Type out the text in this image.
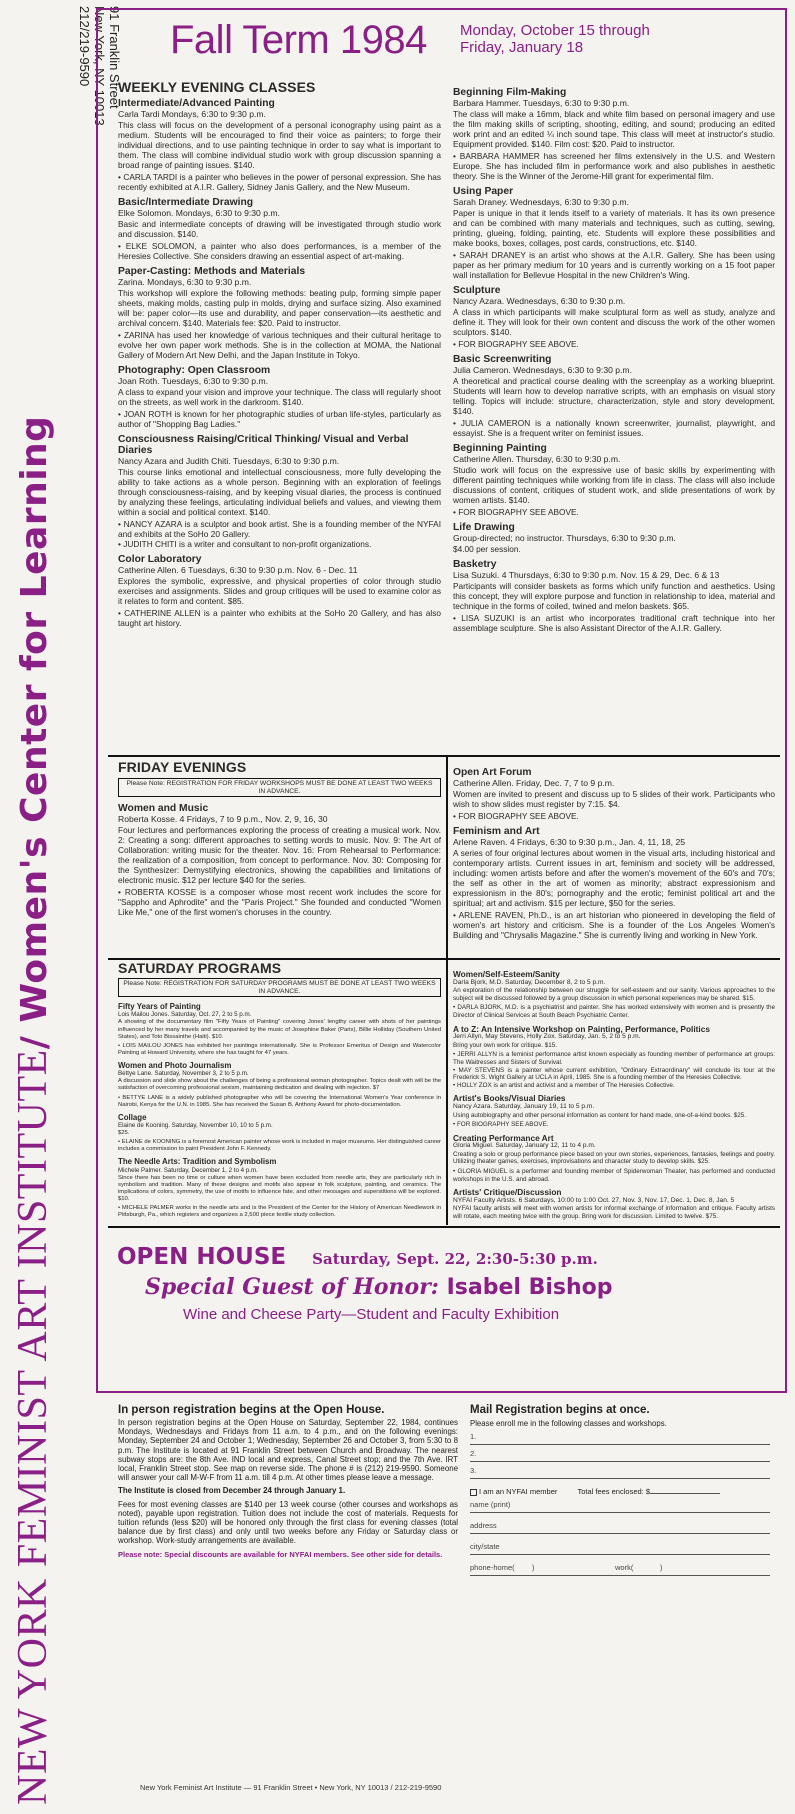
91 Franklin Street
New York, NY 10013
212/219-9590
NEW YORK FEMINIST ART INSTITUTE/ Women's Center for Learning
Fall Term 1984 Monday, October 15 through Friday, January 18
WEEKLY EVENING CLASSES
Intermediate/Advanced Painting
Carla Tardi Mondays, 6:30 to 9:30 p.m.
This class will focus on the development of a personal iconography using paint as a medium. Students will be encouraged to find their voice as painters; to forge their individual directions, and to use painting technique in order to say what is important to them. The class will combine individual studio work with group discussion spanning a broad range of painting issues. $140.
• CARLA TARDI is a painter who believes in the power of personal expression. She has recently exhibited at A.I.R. Gallery, Sidney Janis Gallery, and the New Museum.
Basic/Intermediate Drawing
Elke Solomon. Mondays, 6:30 to 9:30 p.m.
Basic and intermediate concepts of drawing will be investigated through studio work and discussion. $140.
• ELKE SOLOMON, a painter who also does performances, is a member of the Heresies Collective. She considers drawing an essential aspect of art-making.
Paper-Casting: Methods and Materials
Zarina. Mondays, 6:30 to 9:30 p.m.
This workshop will explore the following methods: beating pulp, forming simple paper sheets, making molds, casting pulp in molds, drying and surface sizing. Also examined will be: paper color—its use and durability, and paper conservation—its aesthetic and archival concern. $140. Materials fee: $20. Paid to instructor.
• ZARINA has used her knowledge of various techniques and their cultural heritage to evolve her own paper work methods. She is in the collection at MOMA, the National Gallery of Modern Art New Delhi, and the Japan Institute in Tokyo.
Photography: Open Classroom
Joan Roth. Tuesdays, 6:30 to 9:30 p.m.
A class to expand your vision and improve your technique. The class will regularly shoot on the streets, as well work in the darkroom. $140.
• JOAN ROTH is known for her photographic studies of urban life-styles, particularly as author of "Shopping Bag Ladies."
Consciousness Raising/Critical Thinking/ Visual and Verbal Diaries
Nancy Azara and Judith Chiti. Tuesdays, 6:30 to 9:30 p.m.
This course links emotional and intellectual consciousness, more fully developing the ability to take actions as a whole person. Beginning with an exploration of feelings through consciousness-raising, and by keeping visual diaries, the process is continued by analyzing these feelings, articulating individual beliefs and values, and viewing them within a social and political context. $140.
• NANCY AZARA is a sculptor and book artist. She is a founding member of the NYFAI and exhibits at the SoHo 20 Gallery.
• JUDITH CHITI is a writer and consultant to non-profit organizations.
Color Laboratory
Catherine Allen. 6 Tuesdays, 6:30 to 9:30 p.m. Nov. 6 - Dec. 11
Explores the symbolic, expressive, and physical properties of color through studio exercises and assignments. Slides and group critiques will be used to examine color as it relates to form and content. $85.
• CATHERINE ALLEN is a painter who exhibits at the SoHo 20 Gallery, and has also taught art history.
Beginning Film-Making
Barbara Hammer. Tuesdays, 6:30 to 9:30 p.m.
The class will make a 16mm, black and white film based on personal imagery and use the film making skills of scripting, shooting, editing, and sound; producing an edited work print and an edited ¼ inch sound tape. This class will meet at instructor's studio. Equipment provided. $140. Film cost: $20. Paid to instructor.
• BARBARA HAMMER has screened her films extensively in the U.S. and Western Europe. She has included film in performance work and also publishes in aesthetic theory. She is the Winner of the Jerome-Hill grant for experimental film.
Using Paper
Sarah Draney. Wednesdays, 6:30 to 9:30 p.m.
Paper is unique in that it lends itself to a variety of materials. It has its own presence and can be combined with many materials and techniques, such as cutting, sewing, printing, glueing, folding, painting, etc. Students will explore these possibilities and make books, boxes, collages, post cards, constructions, etc. $140.
• SARAH DRANEY is an artist who shows at the A.I.R. Gallery. She has been using paper as her primary medium for 10 years and is currently working on a 15 foot paper wall installation for Bellevue Hospital in the new Children's Wing.
Sculpture
Nancy Azara. Wednesdays, 6:30 to 9:30 p.m.
A class in which participants will make sculptural form as well as study, analyze and define it. They will look for their own content and discuss the work of the other women sculptors. $140.
• FOR BIOGRAPHY SEE ABOVE.
Basic Screenwriting
Julia Cameron. Wednesdays, 6:30 to 9:30 p.m.
A theoretical and practical course dealing with the screenplay as a working blueprint. Students will learn how to develop narrative scripts, with an emphasis on visual story telling. Topics will include: structure, characterization, style and story development. $140.
• JULIA CAMERON is a nationally known screenwriter, journalist, playwright, and essayist. She is a frequent writer on feminist issues.
Beginning Painting
Catherine Allen. Thursday, 6:30 to 9:30 p.m.
Studio work will focus on the expressive use of basic skills by experimenting with different painting techniques while working from life in class. The class will also include discussions of content, critiques of student work, and slide presentations of work by women artists. $140.
• FOR BIOGRAPHY SEE ABOVE.
Life Drawing
Group-directed; no instructor. Thursdays, 6:30 to 9:30 p.m.
$4.00 per session.
Basketry
Lisa Suzuki. 4 Thursdays, 6:30 to 9:30 p.m. Nov. 15 & 29, Dec. 6 & 13
Participants will consider baskets as forms which unify function and aesthetics. Using this concept, they will explore purpose and function in relationship to idea, material and technique in the forms of coiled, twined and melon baskets. $65.
• LISA SUZUKI is an artist who incorporates traditional craft technique into her assemblage sculpture. She is also Assistant Director of the A.I.R. Gallery.
FRIDAY EVENINGS
Please Note: REGISTRATION FOR FRIDAY WORKSHOPS MUST BE DONE AT LEAST TWO WEEKS IN ADVANCE.
Women and Music
Roberta Kosse. 4 Fridays, 7 to 9 p.m., Nov. 2, 9, 16, 30
Four lectures and performances exploring the process of creating a musical work. Nov. 2: Creating a song: different approaches to setting words to music. Nov. 9: The Art of Collaboration: writing music for the theater. Nov. 16: From Rehearsal to Performance: the realization of a composition, from concept to performance. Nov. 30: Composing for the Synthesizer: Demystifying electronics, showing the capabilities and limitations of electronic music. $12 per lecture $40 for the series.
• ROBERTA KOSSE is a composer whose most recent work includes the score for "Sappho and Aphrodite" and the "Paris Project." She founded and conducted "Women Like Me," one of the first women's choruses in the country.
Open Art Forum
Catherine Allen. Friday, Dec. 7, 7 to 9 p.m.
Women are invited to present and discuss up to 5 slides of their work. Participants who wish to show slides must register by 7:15. $4.
• FOR BIOGRAPHY SEE ABOVE.
Feminism and Art
Arlene Raven. 4 Fridays, 6:30 to 9:30 p.m., Jan. 4, 11, 18, 25
A series of four original lectures about women in the visual arts, including historical and contemporary artists. Current issues in art, feminism and society will be addressed, including: women artists before and after the women's movement of the 60's and 70's; the self as other in the art of women as minority; abstract expressionism and expressionism in the 80's; pornography and the erotic; feminist political art and the spiritual; art and activism. $15 per lecture, $50 for the series.
• ARLENE RAVEN, Ph.D., is an art historian who pioneered in developing the field of women's art history and criticism. She is a founder of the Los Angeles Women's Building and "Chrysalis Magazine." She is currently living and working in New York.
SATURDAY PROGRAMS
Please Note: REGISTRATION FOR SATURDAY PROGRAMS MUST BE DONE AT LEAST TWO WEEKS IN ADVANCE.
Fifty Years of Painting
Lois Mailou Jones. Saturday, Oct. 27, 2 to 5 p.m.
A showing of the documentary film "Fifty Years of Painting" covering Jones' lengthy career with shots of her paintings influenced by her many travels and accompanied by the music of Josephine Baker (Paris), Billie Holliday (Southern United States), and Toto Bissainthe (Haiti). $10.
• LOIS MAILOU JONES has exhibited her paintings internationally. She is Professor Emeritus of Design and Watercolor Painting at Howard University, where she has taught for 47 years.
Women and Photo Journalism
Bettye Lane. Saturday, November 3, 2 to 5 p.m.
A discussion and slide show about the challenges of being a professional woman photographer. Topics dealt with will be the satisfaction of overcoming professional sexism, maintaining dedication and dealing with rejection. $7
• BETTYE LANE is a widely published photographer who will be covering the International Women's Year conference in Nairobi, Kenya for the U.N. in 1985. She has received the Susan B. Anthony Award for photo-documentation.
Collage
Elaine de Kooning. Saturday, November 10, 10 to 5 p.m.
$25.
• ELAINE de KOONING is a foremost American painter whose work is included in major museums. Her distinguished career includes a commission to paint President John F. Kennedy.
The Needle Arts: Tradition and Symbolism
Michele Palmer. Saturday, December 1, 2 to 4 p.m.
Since there has been no time or culture when women have been excluded from needle arts, they are particularly rich in symbolism and tradition. Many of these designs and motifs also appear in folk sculpture, painting, and ceramics. The implications of colors, symmetry, the use of motifs to influence fate, and other messages and superstitions will be explored. $10.
• MICHELE PALMER works in the needle arts and is the President of the Center for the History of American Needlework in Pittsburgh, Pa., which registers and organizes a 2,500 piece textile study collection.
Women/Self-Esteem/Sanity
Darla Bjork, M.D. Saturday, December 8, 2 to 5 p.m.
An exploration of the relationship between our struggle for self-esteem and our sanity. Various approaches to the subject will be discussed followed by a group discussion in which personal experiences may be shared. $15.
• DARLA BJORK, M.D. is a psychiatrist and painter. She has worked extensively with women and is presently the Director of Clinical Services at South Beach Psychiatric Center.
A to Z: An Intensive Workshop on Painting, Performance, Politics
Jerri Allyn, May Stevens, Holly Zox. Saturday, Jan. 5, 2 to 5 p.m.
Bring your own work for critique. $15.
• JERRI ALLYN is a feminist performance artist known especially as founding member of performance art groups: The Waitresses and Sisters of Survival.
• MAY STEVENS is a painter whose current exhibition, "Ordinary Extraordinary" will conclude its tour at the Frederick S. Wight Gallery at UCLA in April, 1985. She is a founding member of the Heresies Collective.
• HOLLY ZOX is an artist and activist and a member of The Heresies Collective.
Artist's Books/Visual Diaries
Nancy Azara. Saturday, January 19, 11 to 5 p.m.
Using autobiography and other personal information as content for hand made, one-of-a-kind books. $25.
• FOR BIOGRAPHY SEE ABOVE.
Creating Performance Art
Gloria Miguel. Saturday, January 12, 11 to 4 p.m.
Creating a solo or group performance piece based on your own stories, experiences, fantasies, feelings and poetry. Utilizing theater games, exercises, improvisations and character study to develop skills. $25.
• GLORIA MIGUEL is a performer and founding member of Spiderwoman Theater, has performed and conducted workshops in the U.S. and abroad.
Artists' Critique/Discussion
NYFAI Faculty Artists. 6 Saturdays, 10:00 to 1:00 Oct. 27, Nov. 3, Nov. 17, Dec. 1, Dec. 8, Jan. 5
NYFAI faculty artists will meet with women artists for informal exchange of information and critique. Faculty artists will rotate, each meeting twice with the group. Bring work for discussion. Limited to twelve. $75.
OPEN HOUSE Saturday, Sept. 22, 2:30-5:30 p.m.
Special Guest of Honor: Isabel Bishop
Wine and Cheese Party—Student and Faculty Exhibition
In person registration begins at the Open House.

In person registration begins at the Open House on Saturday, September 22, 1984, continues Mondays, Wednesdays and Fridays from 11 a.m. to 4 p.m., and on the following evenings: Monday, September 24 and October 1; Wednesday, September 26 and October 3, from 5:30 to 8 p.m. The Institute is located at 91 Franklin Street between Church and Broadway. The nearest subway stops are: the 8th Ave. IND local and express, Canal Street stop; and the 7th Ave. IRT local, Franklin Street stop. See map on reverse side. The phone # is (212) 219-9590. Someone will answer your call M-W-F from 11 a.m. till 4 p.m. At other times please leave a message.

The Institute is closed from December 24 through January 1.

Fees for most evening classes are $140 per 13 week course (other courses and workshops as noted), payable upon registration. Tuition does not include the cost of materials. Requests for tuition refunds (less $20) will be honored only through the first class for evening classes (total balance due by first class) and only until two weeks before any Friday or Saturday class or workshop. Work-study arrangements are available.

Please note: Special discounts are available for NYFAI members. See other side for details.

Mail Registration begins at once.
Please enroll me in the following classes and workshops.
1.
2.
3.
I am an NYFAI member	Total fees enclosed: $
name (print)
address
city/state
phone-home( )	work(	)
New York Feminist Art Institute — 91 Franklin Street • New York, NY 10013 / 212-219-9590
